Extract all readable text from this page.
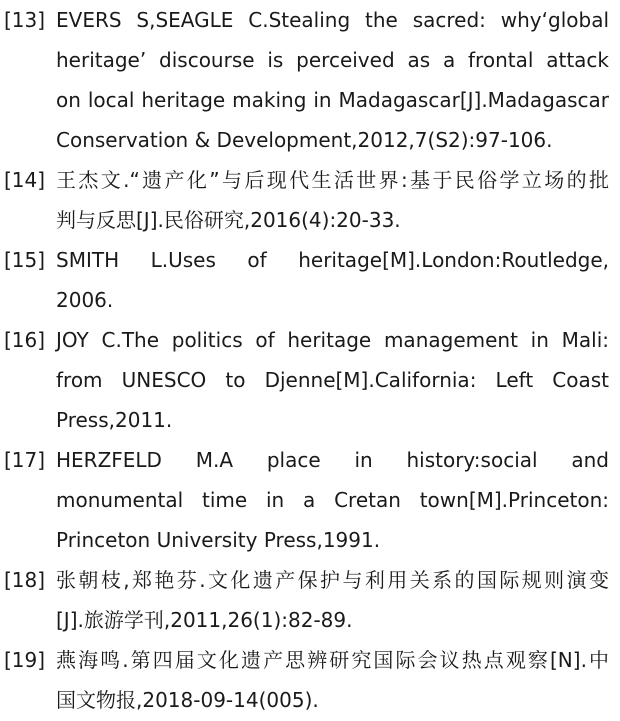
[13] EVERS S,SEAGLE C.Stealing the sacred: why‘global
heritage’ discourse is perceived as a frontal attack
on local heritage making in Madagascar[J].Madagascar
Conservation & Development,2012,7(S2):97-106.
[14] 王杰文.“遗产化”与后现代生活世界:基于民俗学立场的批
判与反思[J].民俗研究,2016(4):20-33.
[15] SMITH L.Uses of heritage[M].London:Routledge,
2006.
[16] JOY C.The politics of heritage management in Mali:
from UNESCO to Djenne[M].California: Left Coast
Press,2011.
[17] HERZFELD M.A place in history:social and
monumental time in a Cretan town[M].Princeton:
Princeton University Press,1991.
[18] 张朝枝,郑艳芬.文化遗产保护与利用关系的国际规则演变
[J].旅游学刊,2011,26(1):82-89.
[19] 燕海鸣.第四届文化遗产思辨研究国际会议热点观察[N].中
国文物报,2018-09-14(005).
